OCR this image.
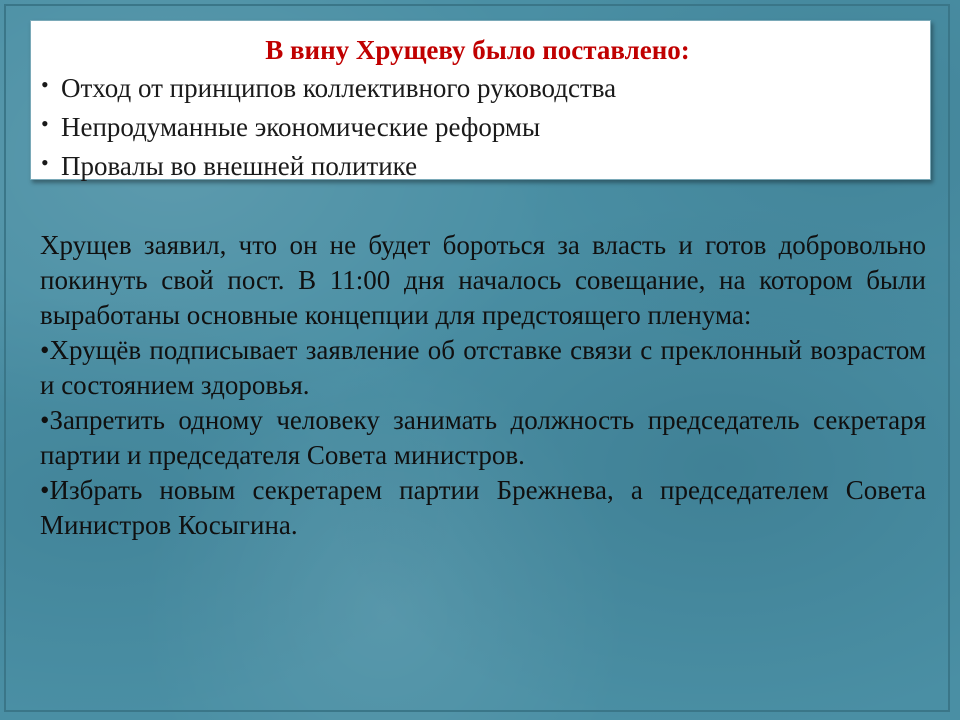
В вину Хрущеву было поставлено:
• Отход от принципов коллективного руководства
• Непродуманные экономические реформы
• Провалы во внешней политике

Хрущев заявил, что он не будет бороться за власть и готов добровольно покинуть свой пост. В 11:00 дня началось совещание, на котором были выработаны основные концепции для предстоящего пленума:

•Хрущёв подписывает заявление об отставке связи с преклонный возрастом и состоянием здоровья.

•Запретить одному человеку занимать должность председатель секретаря партии и председателя Совета министров.

•Избрать новым секретарем партии Брежнева, а председателем Совета Министров Косыгина.
